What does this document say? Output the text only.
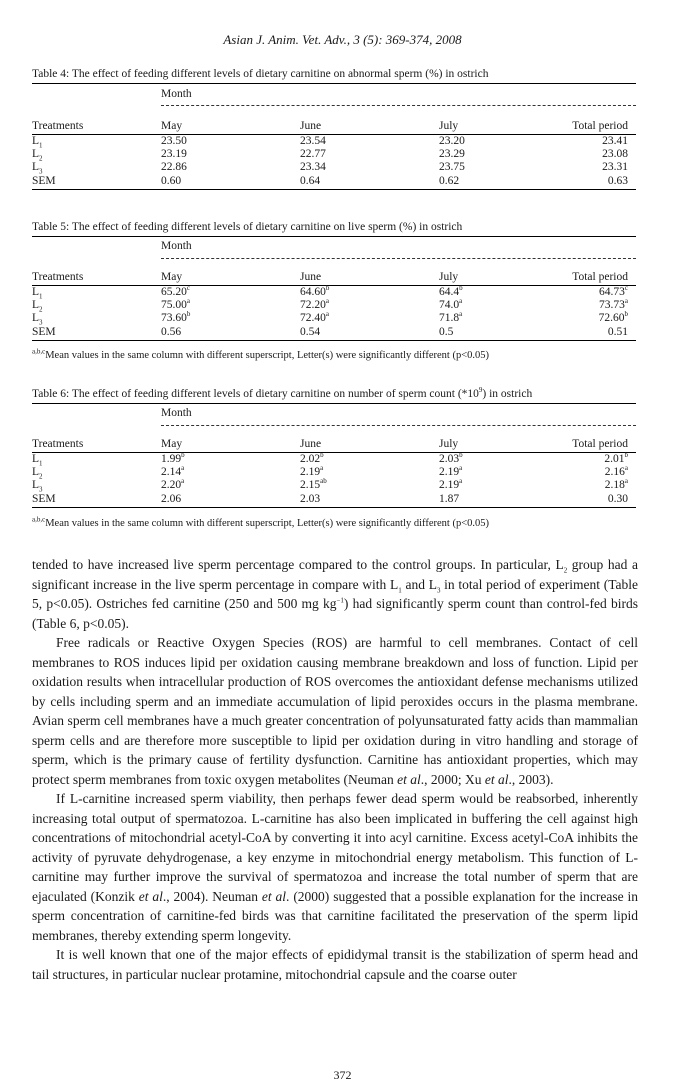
Asian J. Anim. Vet. Adv., 3 (5): 369-374, 2008
Table 4: The effect of feeding different levels of dietary carnitine on abnormal sperm (%) in ostrich
Month
Treatments	May	June	July	Total period
$L_1$	23.50	23.54	23.20	23.41
$L_2$	23.19	22.77	23.29	23.08
$L_3$	22.86	23.34	23.75	23.31
SEM	0.60	0.64	0.62	0.63
Table 5: The effect of feeding different levels of dietary carnitine on live sperm (%) in ostrich
Month
$^{a,b,c}$Mean values in the same column with different superscript, Letter(s) were significantly different (p<0.05)
Treatments	May	June	July	Total period
$L_1$	65.20$^c$	64.60$^b$	64.4$^b$	64.73$^c$
$L_2$	75.00$^a$	72.20$^a$	74.0$^a$	73.73$^a$
$L_3$	73.60$^b$	72.40$^a$	71.8$^a$	72.60$^b$
SEM	0.56	0.54	0.5	0.51
Table 6: The effect of feeding different levels of dietary carnitine on number of sperm count $(*10^9)$ in ostrich
Month
$^{a,b,c}$Mean values in the same column with different superscript, Letter(s) were significantly different (p<0.05)
Treatments	May	June	July	Total period
$L_1$	1.99$^b$	2.02$^b$	2.03$^b$	2.01$^b$
$L_2$	2.14$^a$	2.19$^a$	2.19$^a$	2.16$^a$
$L_3$	2.20$^a$	2.15$^{ab}$	2.19$^a$	2.18$^a$
SEM	2.06	2.03	1.87	0.30

tended to have increased live sperm percentage compared to the control groups. In particular, $L_2$ group had a significant increase in the live sperm percentage in compare with $L_1$ and $L_3$ in total period of experiment (Table 5, p<0.05). Ostriches fed carnitine (250 and 500 mg $kg^{-1}$) had significantly sperm count than control-fed birds (Table 6, p<0.05).

Free radicals or Reactive Oxygen Species (ROS) are harmful to cell membranes. Contact of cell membranes to ROS induces lipid per oxidation causing membrane breakdown and loss of function. Lipid per oxidation results when intracellular production of ROS overcomes the antioxidant defense mechanisms utilized by cells including sperm and an immediate accumulation of lipid peroxides occurs in the plasma membrane. Avian sperm cell membranes have a much greater concentration of polyunsaturated fatty acids than mammalian sperm cells and are therefore more susceptible to lipid per oxidation during in vitro handling and storage of sperm, which is the primary cause of fertility dysfunction. Carnitine has antioxidant properties, which may protect sperm membranes from toxic oxygen metabolites (Neuman et al., 2000; Xu et al., 2003).

If L-carnitine increased sperm viability, then perhaps fewer dead sperm would be reabsorbed, inherently increasing total output of spermatozoa. L-carnitine has also been implicated in buffering the cell against high concentrations of mitochondrial acetyl-CoA by converting it into acyl carnitine. Excess acetyl-CoA inhibits the activity of pyruvate dehydrogenase, a key enzyme in mitochondrial energy metabolism. This function of L-carnitine may further improve the survival of spermatozoa and increase the total number of sperm that are ejaculated (Konzik et al., 2004). Neuman et al. (2000) suggested that a possible explanation for the increase in sperm concentration of carnitine-fed birds was that carnitine facilitated the preservation of the sperm lipid membranes, thereby extending sperm longevity.

It is well known that one of the major effects of epididymal transit is the stabilization of sperm head and tail structures, in particular nuclear protamine, mitochondrial capsule and the coarse outer

372
